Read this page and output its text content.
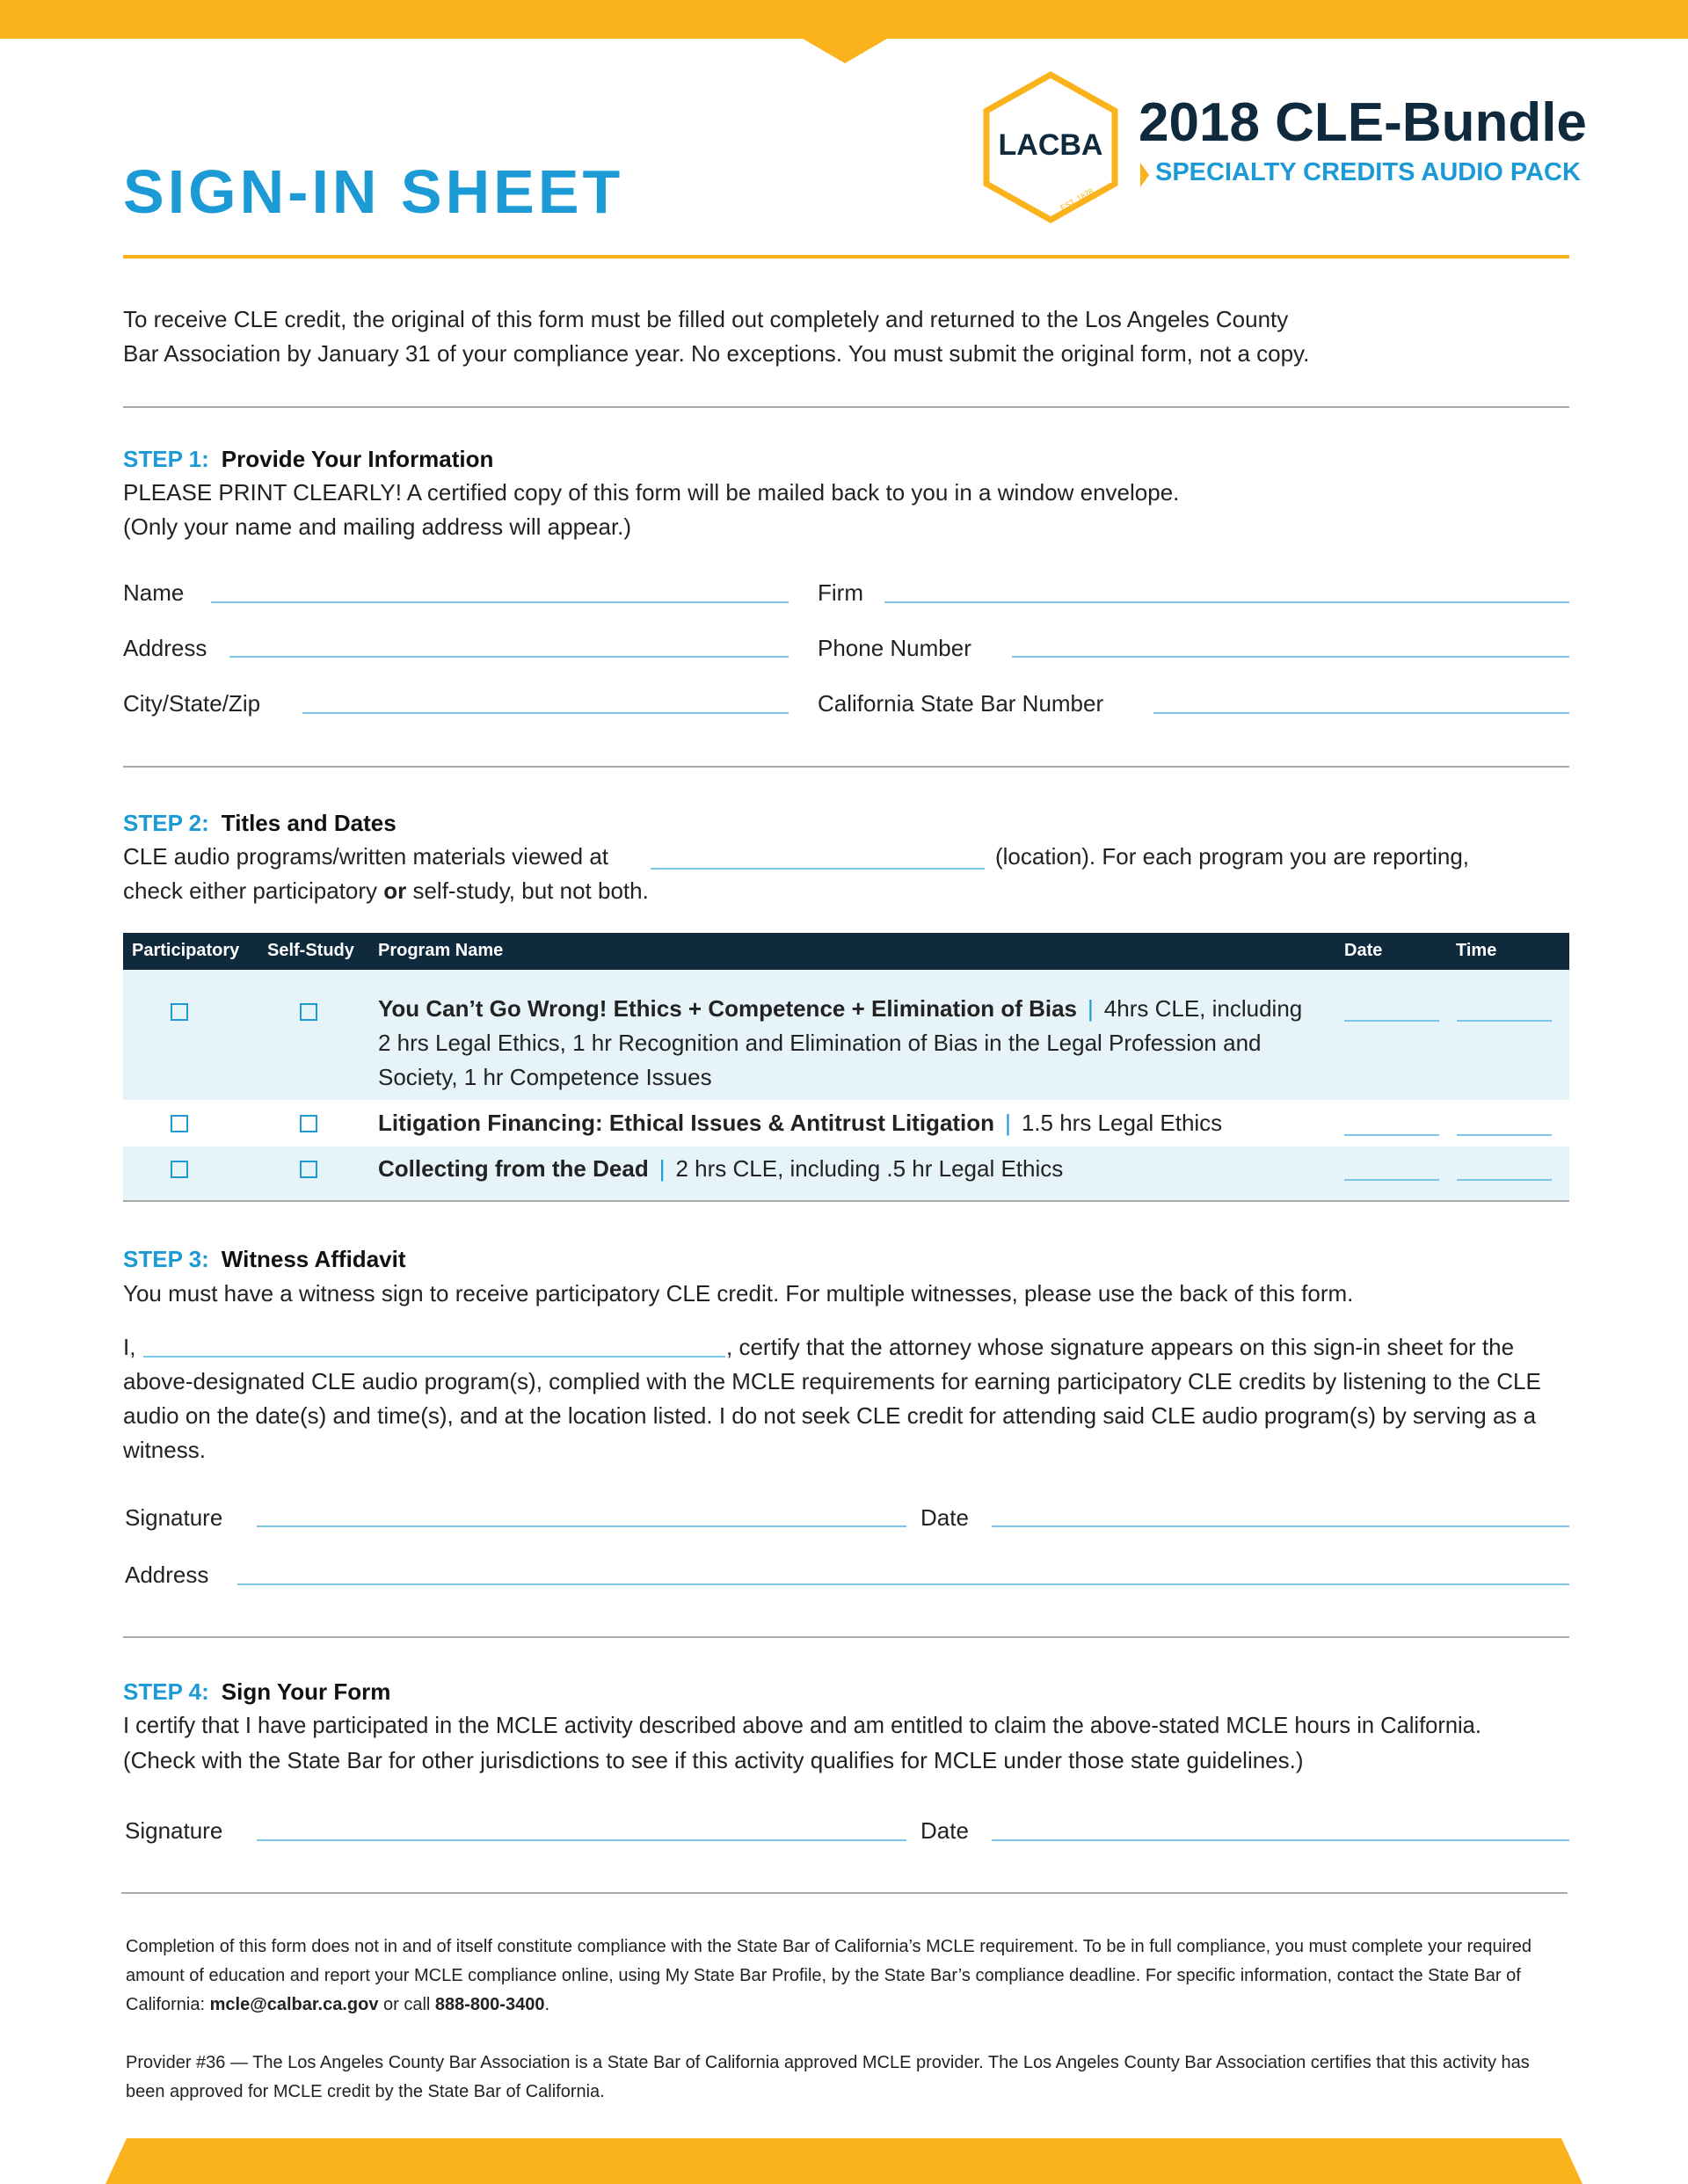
SIGN-IN SHEET
LACBA
EST. 1878
2018 CLE-Bundle
SPECIALTY CREDITS AUDIO PACK

To receive CLE credit, the original of this form must be filled out completely and returned to the Los Angeles County
Bar Association by January 31 of your compliance year. No exceptions. You must submit the original form, not a copy.

STEP 1: Provide Your Information

PLEASE PRINT CLEARLY! A certified copy of this form will be mailed back to you in a window envelope.
(Only your name and mailing address will appear.)

Name	Firm
Address	Phone Number
City/State/Zip	California State Bar Number
STEP 2: Titles and Dates
CLE audio programs/written materials viewed at	(location). For each program you are reporting,
check either participatory or self-study, but not both.
Participatory Self-Study Program Name	Date	Time

You Can’t Go Wrong! Ethics + Competence + Elimination of Bias | 4hrs CLE, including 2 hrs Legal Ethics, 1 hr Recognition and Elimination of Bias in the Legal Profession and Society, 1 hr Competence Issues

Litigation Financing: Ethical Issues & Antitrust Litigation | 1.5 hrs Legal Ethics

Collecting from the Dead | 2 hrs CLE, including .5 hr Legal Ethics

STEP 3: Witness Affidavit
You must have a witness sign to receive participatory CLE credit. For multiple witnesses, please use the back of this form.
I,	, certify that the attorney whose signature appears on this sign-in sheet for the

above-designated CLE audio program(s), complied with the MCLE requirements for earning participatory CLE credits by listening to the CLE audio on the date(s) and time(s), and at the location listed. I do not seek CLE credit for attending said CLE audio program(s) by serving as a witness.

Signature	Date
Address
STEP 4: Sign Your Form
I certify that I have participated in the MCLE activity described above and am entitled to claim the above-stated MCLE hours in California.
(Check with the State Bar for other jurisdictions to see if this activity qualifies for MCLE under those state guidelines.)
Signature	Date

Completion of this form does not in and of itself constitute compliance with the State Bar of California’s MCLE requirement. To be in full compliance, you must complete your required amount of education and report your MCLE compliance online, using My State Bar Profile, by the State Bar’s compliance deadline. For specific information, contact the State Bar of California: mcle@calbar.ca.gov or call 888-800-3400.

Provider #36 — The Los Angeles County Bar Association is a State Bar of California approved MCLE provider. The Los Angeles County Bar Association certifies that this activity has been approved for MCLE credit by the State Bar of California.
